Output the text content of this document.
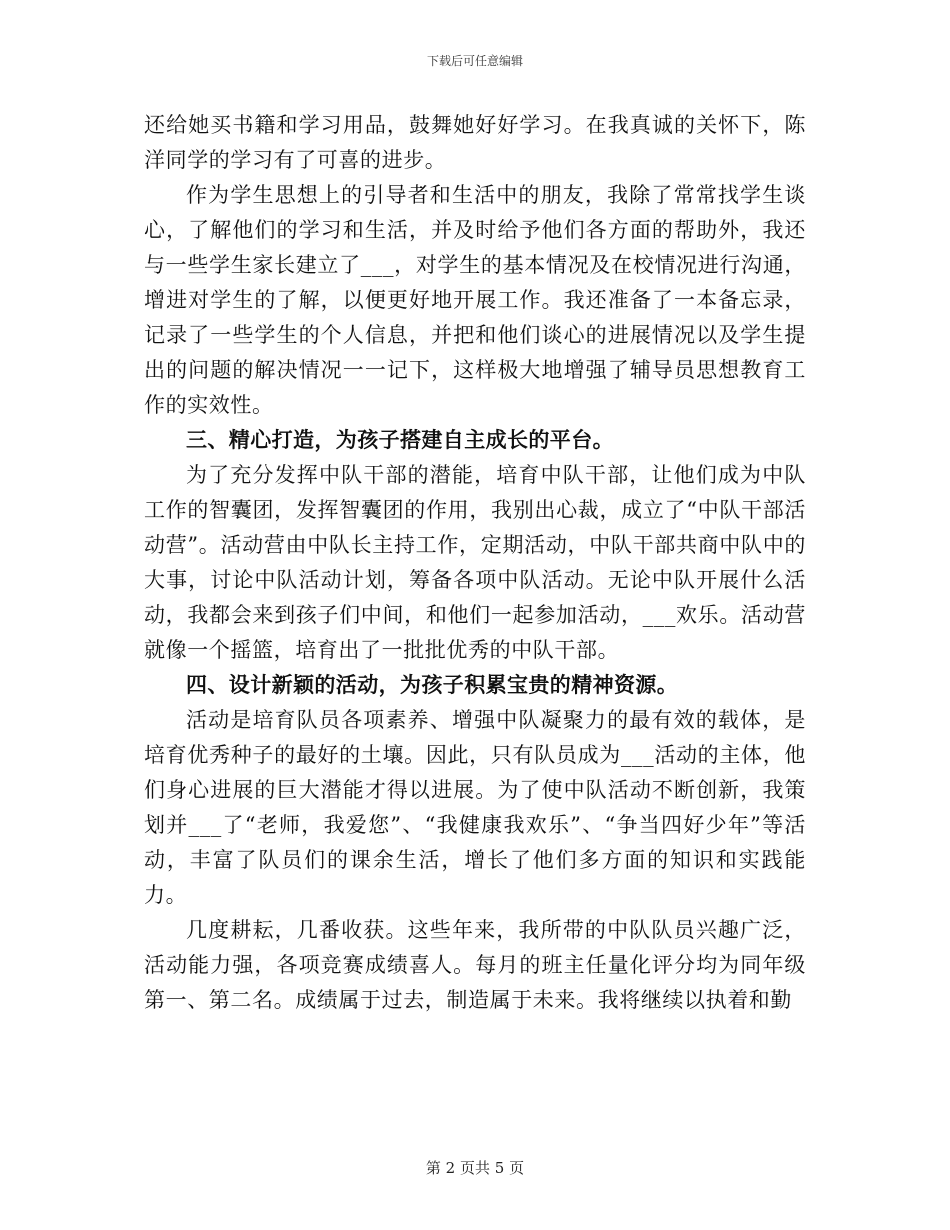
下载后可任意编辑

还给她买书籍和学习用品，鼓舞她好好学习。在我真诚的关怀下，陈洋同学的学习有了可喜的进步。

作为学生思想上的引导者和生活中的朋友，我除了常常找学生谈心，了解他们的学习和生活，并及时给予他们各方面的帮助外，我还与一些学生家长建立了___，对学生的基本情况及在校情况进行沟通，增进对学生的了解，以便更好地开展工作。我还准备了一本备忘录，记录了一些学生的个人信息，并把和他们谈心的进展情况以及学生提出的问题的解决情况一一记下，这样极大地增强了辅导员思想教育工作的实效性。

三、精心打造，为孩子搭建自主成长的平台。

为了充分发挥中队干部的潜能，培育中队干部，让他们成为中队工作的智囊团，发挥智囊团的作用，我别出心裁，成立了“中队干部活动营”。活动营由中队长主持工作，定期活动，中队干部共商中队中的大事，讨论中队活动计划，筹备各项中队活动。无论中队开展什么活动，我都会来到孩子们中间，和他们一起参加活动，___欢乐。活动营就像一个摇篮，培育出了一批批优秀的中队干部。

四、设计新颖的活动，为孩子积累宝贵的精神资源。

活动是培育队员各项素养、增强中队凝聚力的最有效的载体，是培育优秀种子的最好的土壤。因此，只有队员成为___活动的主体，他们身心进展的巨大潜能才得以进展。为了使中队活动不断创新，我策划并___了“老师，我爱您”、“我健康我欢乐”、“争当四好少年”等活动，丰富了队员们的课余生活，增长了他们多方面的知识和实践能力。

几度耕耘，几番收获。这些年来，我所带的中队队员兴趣广泛，活动能力强，各项竞赛成绩喜人。每月的班主任量化评分均为同年级第一、第二名。成绩属于过去，制造属于未来。我将继续以执着和勤

第 2 页共 5 页
